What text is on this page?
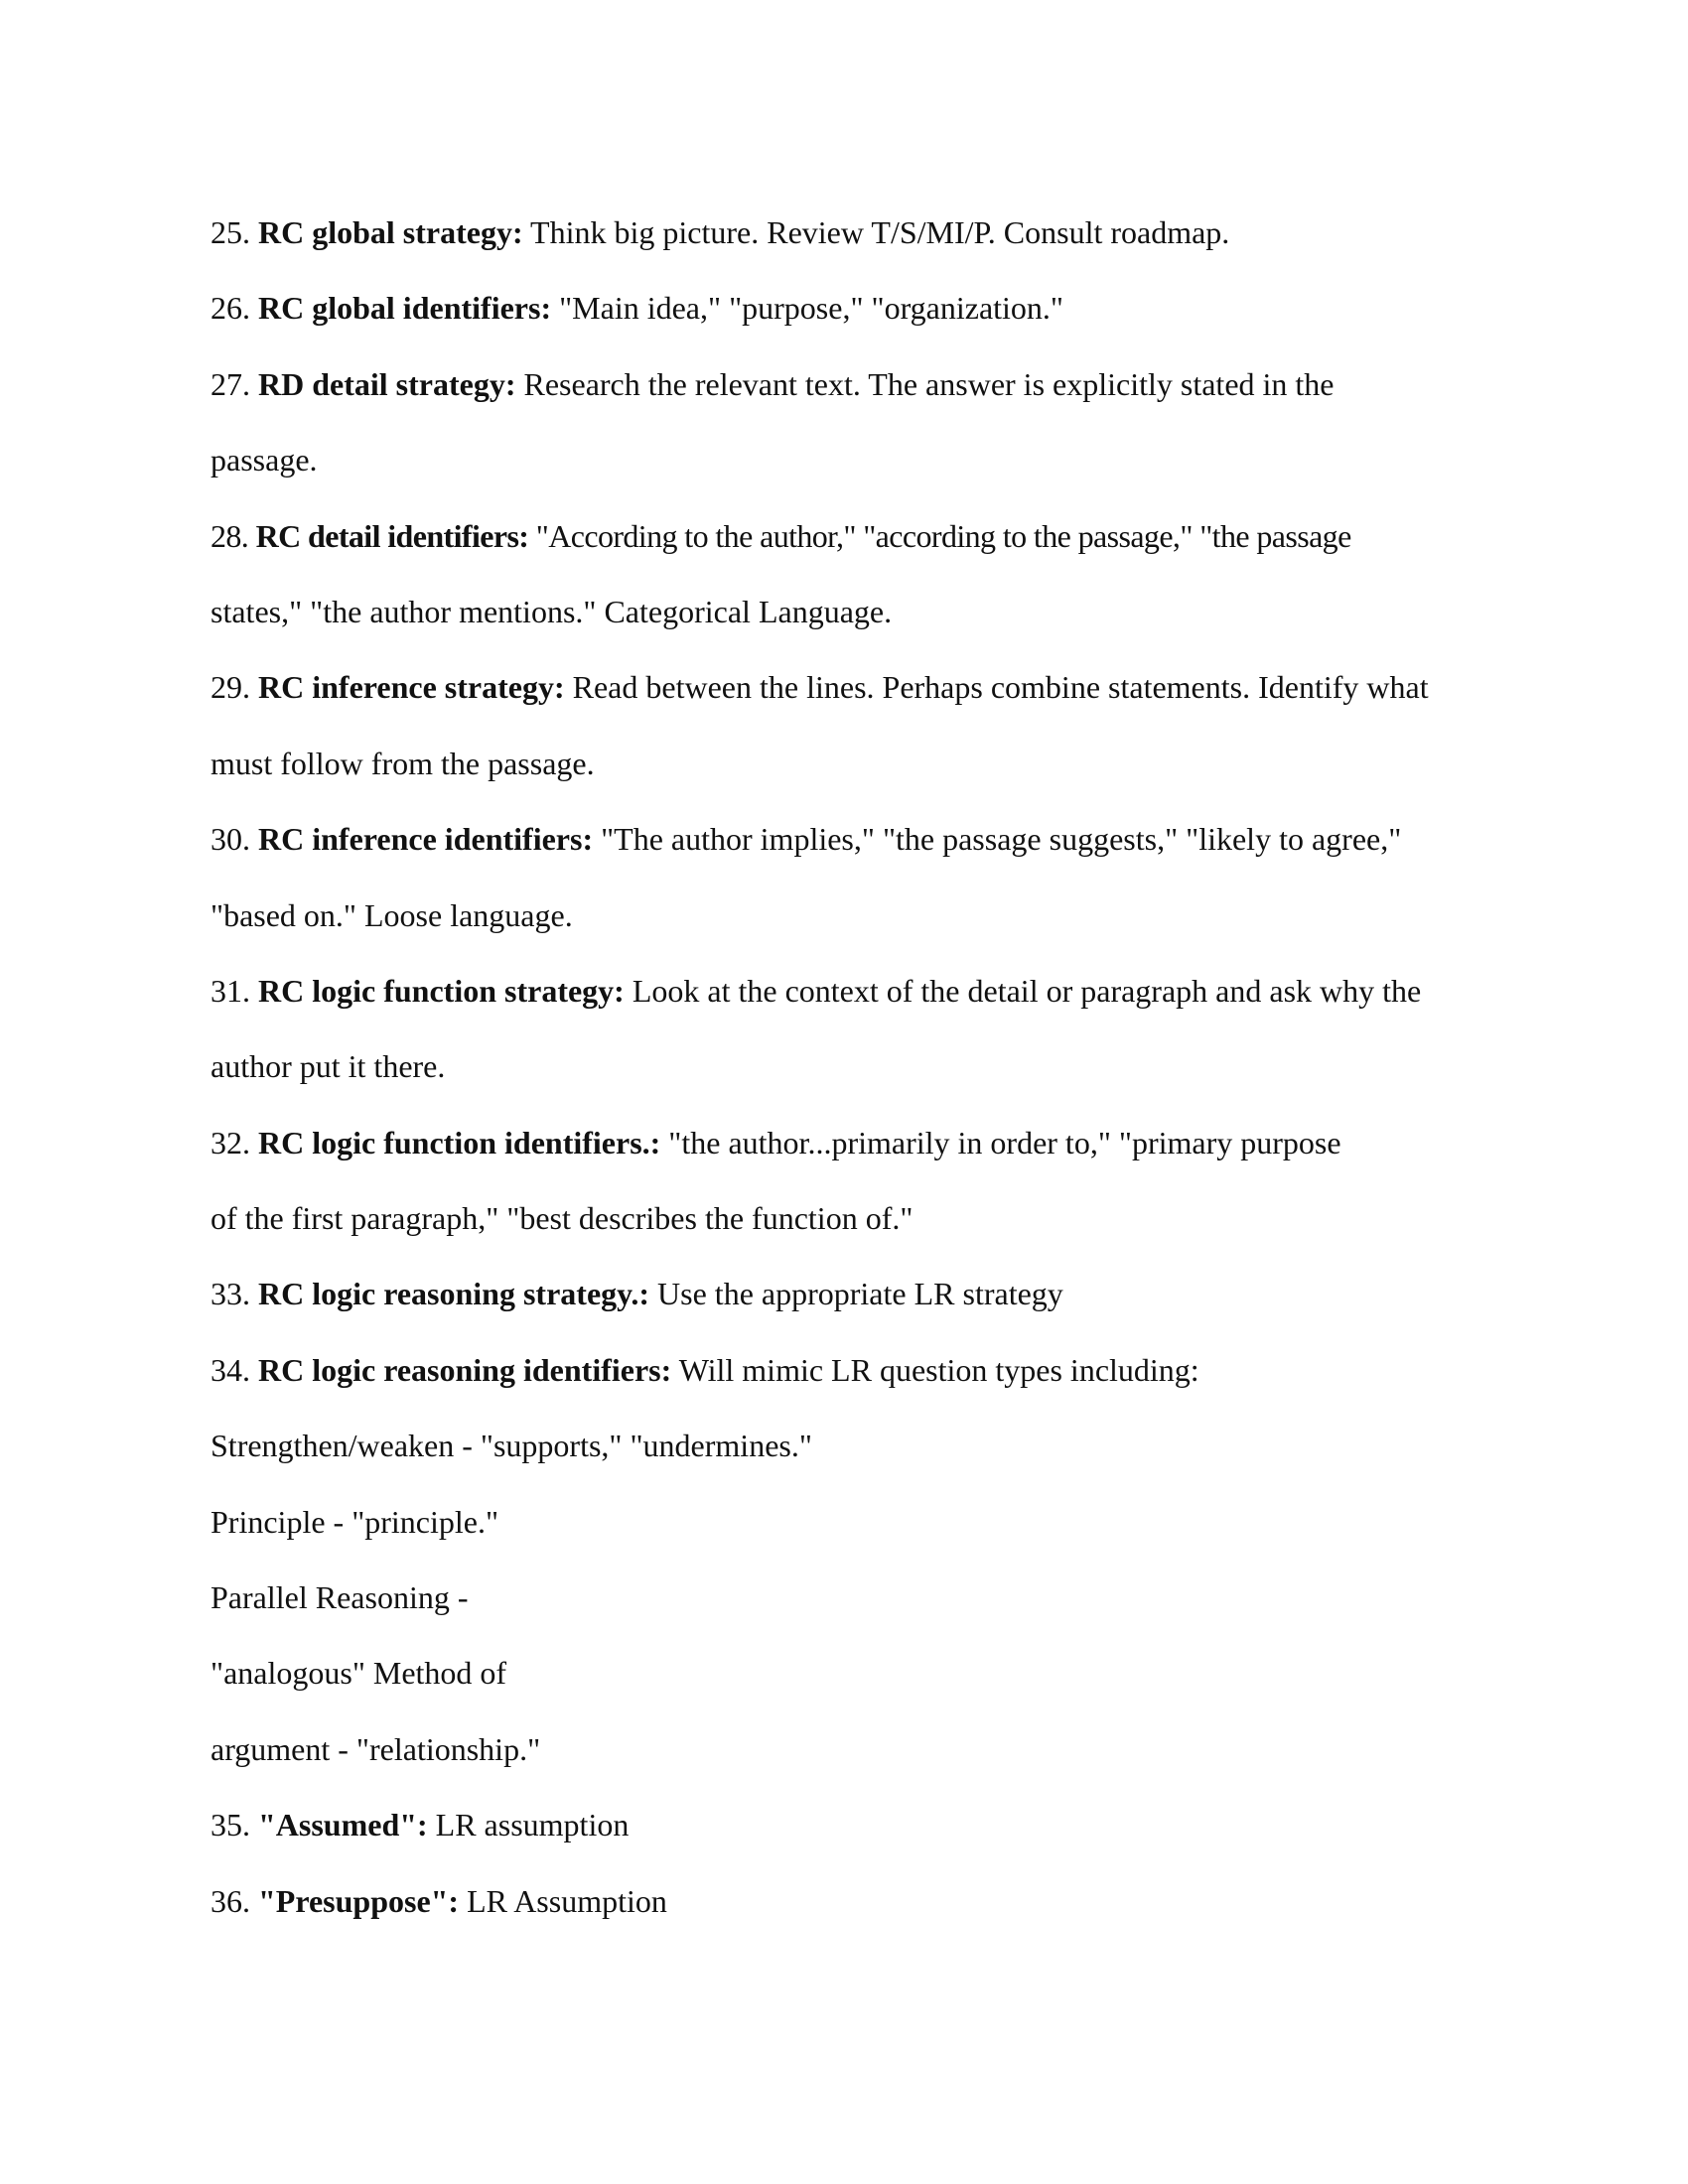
25. RC global strategy: Think big picture. Review T/S/MI/P. Consult roadmap.
26. RC global identifiers: "Main idea," "purpose," "organization."
27. RD detail strategy: Research the relevant text. The answer is explicitly stated in the
passage.
28. RC detail identifiers: "According to the author," "according to the passage," "the passage
states," "the author mentions." Categorical Language.
29. RC inference strategy: Read between the lines. Perhaps combine statements. Identify what
must follow from the passage.
30. RC inference identifiers: "The author implies," "the passage suggests," "likely to agree,"
"based on." Loose language.
31. RC logic function strategy: Look at the context of the detail or paragraph and ask why the
author put it there.
32. RC logic function identifiers.: "the author...primarily in order to," "primary purpose
of the first paragraph," "best describes the function of."
33. RC logic reasoning strategy.: Use the appropriate LR strategy
34. RC logic reasoning identifiers: Will mimic LR question types including:
Strengthen/weaken - "supports," "undermines."
Principle - "principle."
Parallel Reasoning -
"analogous" Method of
argument - "relationship."
35. "Assumed": LR assumption
36. "Presuppose": LR Assumption
